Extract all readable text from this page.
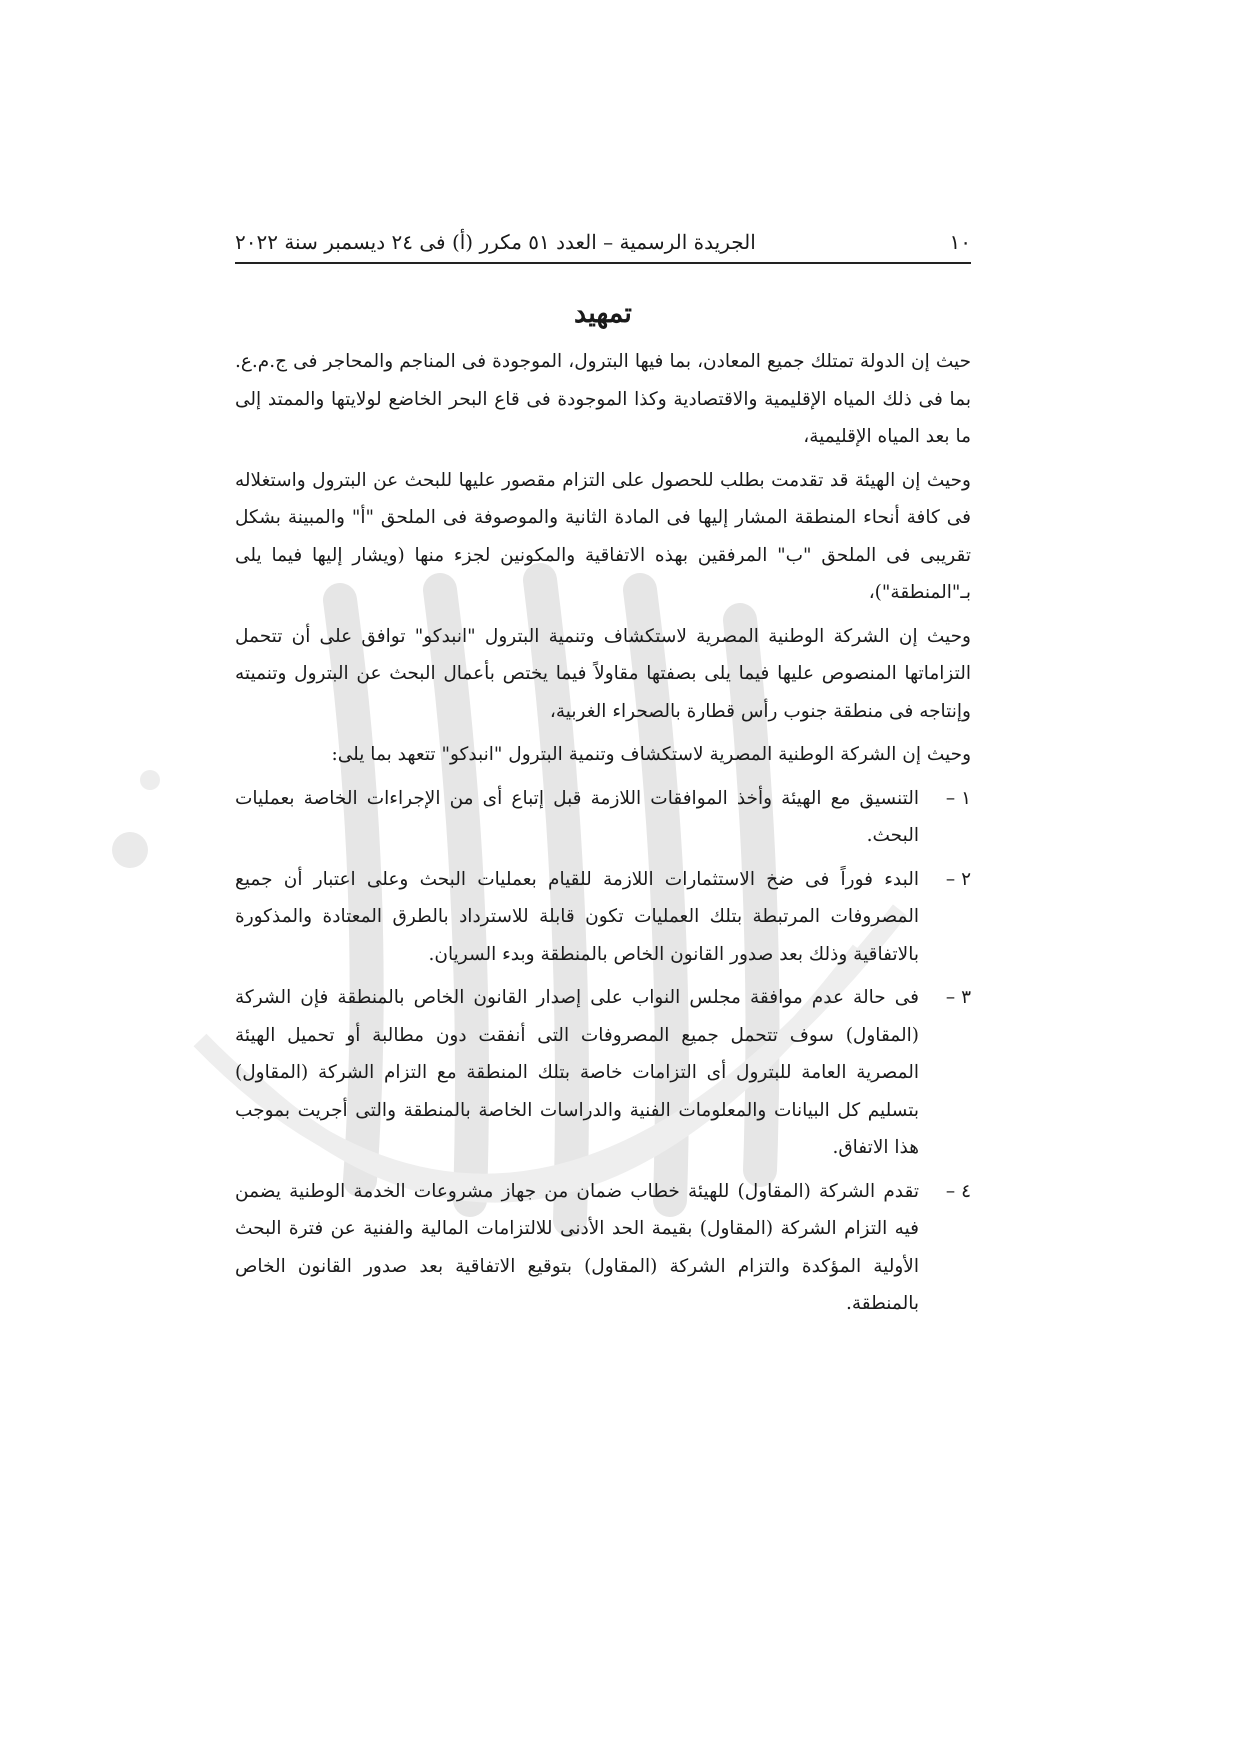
١٠
الجريدة الرسمية – العدد ٥١ مكرر (أ) فى ٢٤ ديسمبر سنة ٢٠٢٢
تمهيد

حيث إن الدولة تمتلك جميع المعادن، بما فيها البترول، الموجودة فى المناجم والمحاجر فى ج.م.ع. بما فى ذلك المياه الإقليمية والاقتصادية وكذا الموجودة فى قاع البحر الخاضع لولايتها والممتد إلى ما بعد المياه الإقليمية،

وحيث إن الهيئة قد تقدمت بطلب للحصول على التزام مقصور عليها للبحث عن البترول واستغلاله فى كافة أنحاء المنطقة المشار إليها فى المادة الثانية والموصوفة فى الملحق "أ" والمبينة بشكل تقريبى فى الملحق "ب" المرفقين بهذه الاتفاقية والمكونين لجزء منها (ويشار إليها فيما يلى بـ"المنطقة")،

وحيث إن الشركة الوطنية المصرية لاستكشاف وتنمية البترول "انبدكو" توافق على أن تتحمل التزاماتها المنصوص عليها فيما يلى بصفتها مقاولاً فيما يختص بأعمال البحث عن البترول وتنميته وإنتاجه فى منطقة جنوب رأس قطارة بالصحراء الغربية،

وحيث إن الشركة الوطنية المصرية لاستكشاف وتنمية البترول "انبدكو" تتعهد بما يلى:

١ –
التنسيق مع الهيئة وأخذ الموافقات اللازمة قبل إتباع أى من الإجراءات الخاصة بعمليات البحث.
٢ –
البدء فوراً فى ضخ الاستثمارات اللازمة للقيام بعمليات البحث وعلى اعتبار أن جميع المصروفات المرتبطة بتلك العمليات تكون قابلة للاسترداد بالطرق المعتادة والمذكورة بالاتفاقية وذلك بعد صدور القانون الخاص بالمنطقة وبدء السريان.
٣ –
فى حالة عدم موافقة مجلس النواب على إصدار القانون الخاص بالمنطقة فإن الشركة (المقاول) سوف تتحمل جميع المصروفات التى أنفقت دون مطالبة أو تحميل الهيئة المصرية العامة للبترول أى التزامات خاصة بتلك المنطقة مع التزام الشركة (المقاول) بتسليم كل البيانات والمعلومات الفنية والدراسات الخاصة بالمنطقة والتى أجريت بموجب هذا الاتفاق.
٤ –
تقدم الشركة (المقاول) للهيئة خطاب ضمان من جهاز مشروعات الخدمة الوطنية يضمن فيه التزام الشركة (المقاول) بقيمة الحد الأدنى للالتزامات المالية والفنية عن فترة البحث الأولية المؤكدة والتزام الشركة (المقاول) بتوقيع الاتفاقية بعد صدور القانون الخاص بالمنطقة.
